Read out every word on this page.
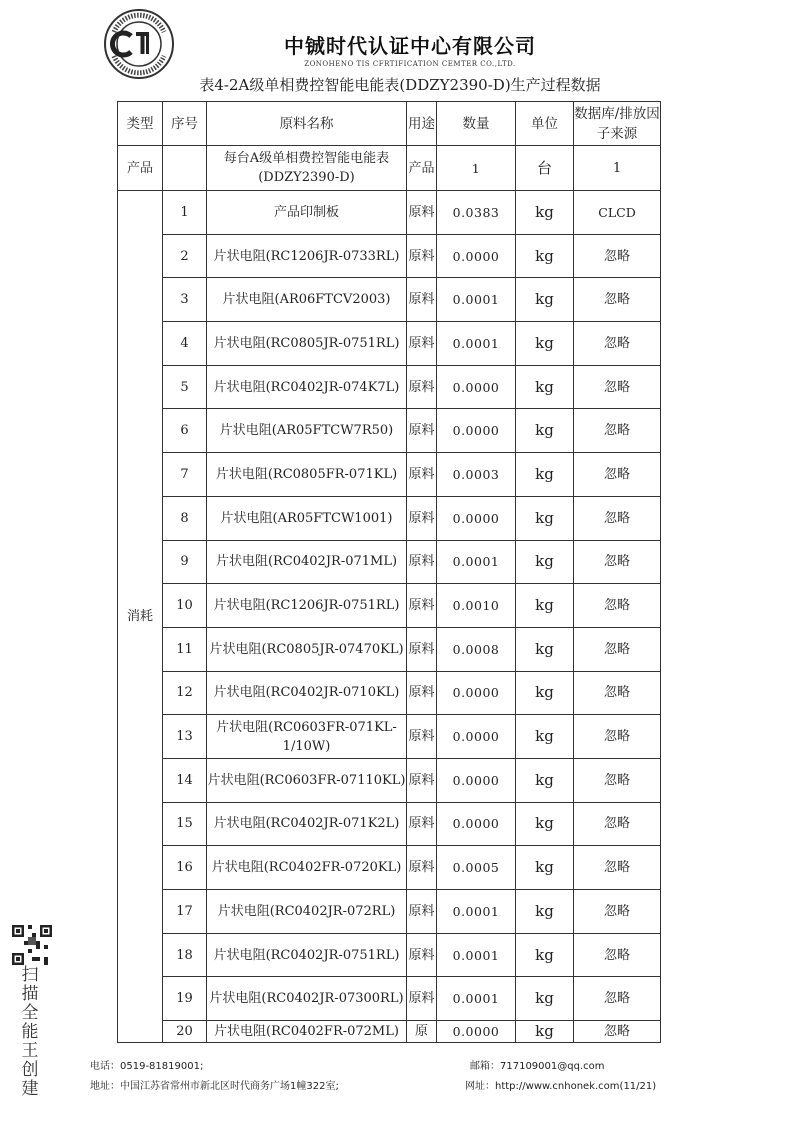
中铖时代认证中心有限公司
ZONOHENO TIS CFRTIFICATION CEMTER CO.,LTD.
表4-2A级单相费控智能电能表(DDZY2390-D)生产过程数据
类型	序号	原料名称	用途	数量	单位	数据库/排放因子来源
产品		每台A级单相费控智能电能表(DDZY2390-D)	产品	1	台	1
消耗	1	产品印制板	原料	0.0383	kg	CLCD
	2	片状电阻(RC1206JR-0733RL)	原料	0.0000	kg	忽略
	3	片状电阻(AR06FTCV2003)	原料	0.0001	kg	忽略
	4	片状电阻(RC0805JR-0751RL)	原料	0.0001	kg	忽略
	5	片状电阻(RC0402JR-074K7L)	原料	0.0000	kg	忽略
	6	片状电阻(AR05FTCW7R50)	原料	0.0000	kg	忽略
	7	片状电阻(RC0805FR-071KL)	原料	0.0003	kg	忽略
	8	片状电阻(AR05FTCW1001)	原料	0.0000	kg	忽略
	9	片状电阻(RC0402JR-071ML)	原料	0.0001	kg	忽略
	10	片状电阻(RC1206JR-0751RL)	原料	0.0010	kg	忽略
	11	片状电阻(RC0805JR-07470KL)	原料	0.0008	kg	忽略
	12	片状电阻(RC0402JR-0710KL)	原料	0.0000	kg	忽略
	13	片状电阻(RC0603FR-071KL-1/10W)	原料	0.0000	kg	忽略
	14	片状电阻(RC0603FR-07110KL)	原料	0.0000	kg	忽略
	15	片状电阻(RC0402JR-071K2L)	原料	0.0000	kg	忽略
	16	片状电阻(RC0402FR-0720KL)	原料	0.0005	kg	忽略
	17	片状电阻(RC0402JR-072RL)	原料	0.0001	kg	忽略
	18	片状电阻(RC0402JR-0751RL)	原料	0.0001	kg	忽略
	19	片状电阻(RC0402JR-07300RL)	原料	0.0001	kg	忽略
	20	片状电阻(RC0402FR-072ML)	原	0.0000	kg	忽略
扫描全能王创建
电话：0519-81819001;	邮箱：717109001@qq.com
地址：中国江苏省常州市新北区时代商务广场1幢322室;	网址：http://www.cnhonek.com(11/21)
